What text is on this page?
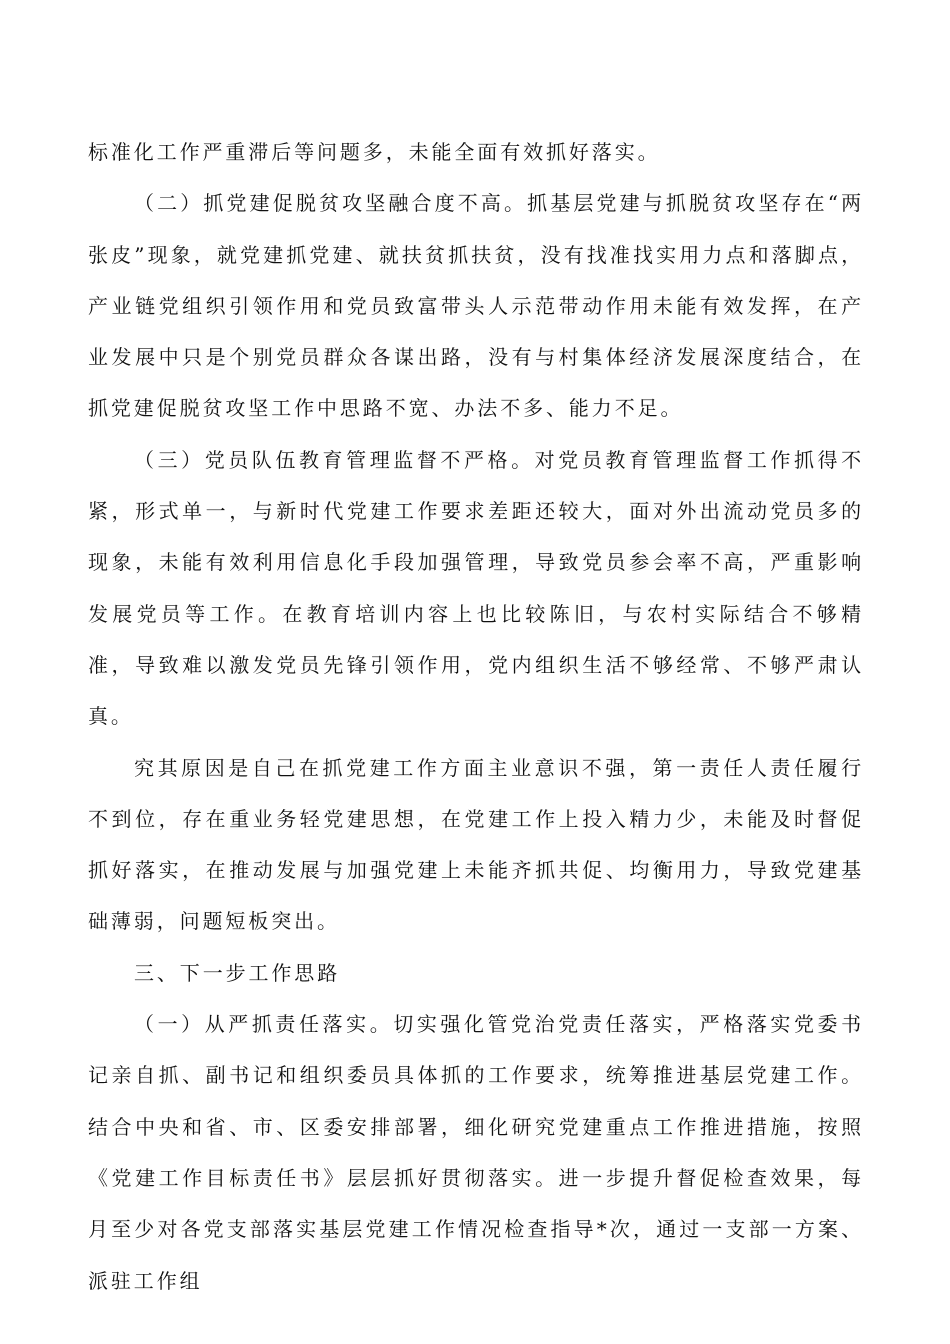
标准化工作严重滞后等问题多，未能全面有效抓好落实。

（二）抓党建促脱贫攻坚融合度不高。抓基层党建与抓脱贫攻坚存在“两张皮”现象，就党建抓党建、就扶贫抓扶贫，没有找准找实用力点和落脚点，产业链党组织引领作用和党员致富带头人示范带动作用未能有效发挥，在产业发展中只是个别党员群众各谋出路，没有与村集体经济发展深度结合，在抓党建促脱贫攻坚工作中思路不宽、办法不多、能力不足。

（三）党员队伍教育管理监督不严格。对党员教育管理监督工作抓得不紧，形式单一，与新时代党建工作要求差距还较大，面对外出流动党员多的现象，未能有效利用信息化手段加强管理，导致党员参会率不高，严重影响发展党员等工作。在教育培训内容上也比较陈旧，与农村实际结合不够精准，导致难以激发党员先锋引领作用，党内组织生活不够经常、不够严肃认真。

究其原因是自己在抓党建工作方面主业意识不强，第一责任人责任履行不到位，存在重业务轻党建思想，在党建工作上投入精力少，未能及时督促抓好落实，在推动发展与加强党建上未能齐抓共促、均衡用力，导致党建基础薄弱，问题短板突出。

三、下一步工作思路

（一）从严抓责任落实。切实强化管党治党责任落实，严格落实党委书记亲自抓、副书记和组织委员具体抓的工作要求，统筹推进基层党建工作。结合中央和省、市、区委安排部署，细化研究党建重点工作推进措施，按照《党建工作目标责任书》层层抓好贯彻落实。进一步提升督促检查效果，每月至少对各党支部落实基层党建工作情况检查指导*次，通过一支部一方案、派驻工作组
